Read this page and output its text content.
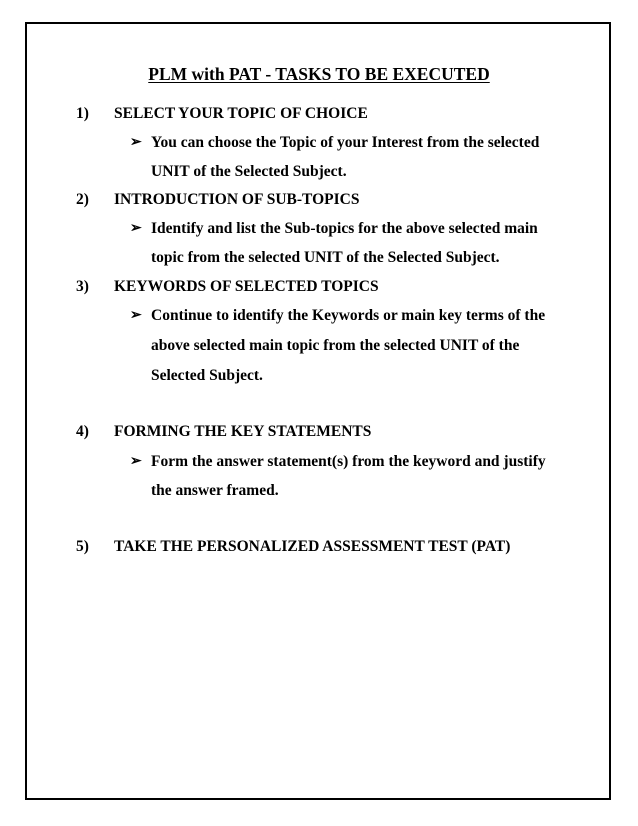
PLM with PAT - TASKS TO BE EXECUTED
1) SELECT YOUR TOPIC OF CHOICE
➢ You can choose the Topic of your Interest from the selected
UNIT of the Selected Subject.
2) INTRODUCTION OF SUB-TOPICS
➢ Identify and list the Sub-topics for the above selected main
topic from the selected UNIT of the Selected Subject.
3) KEYWORDS OF SELECTED TOPICS
➢ Continue to identify the Keywords or main key terms of the
above selected main topic from the selected UNIT of the
Selected Subject.
4) FORMING THE KEY STATEMENTS
➢ Form the answer statement(s) from the keyword and justify
the answer framed.
5) TAKE THE PERSONALIZED ASSESSMENT TEST (PAT)
